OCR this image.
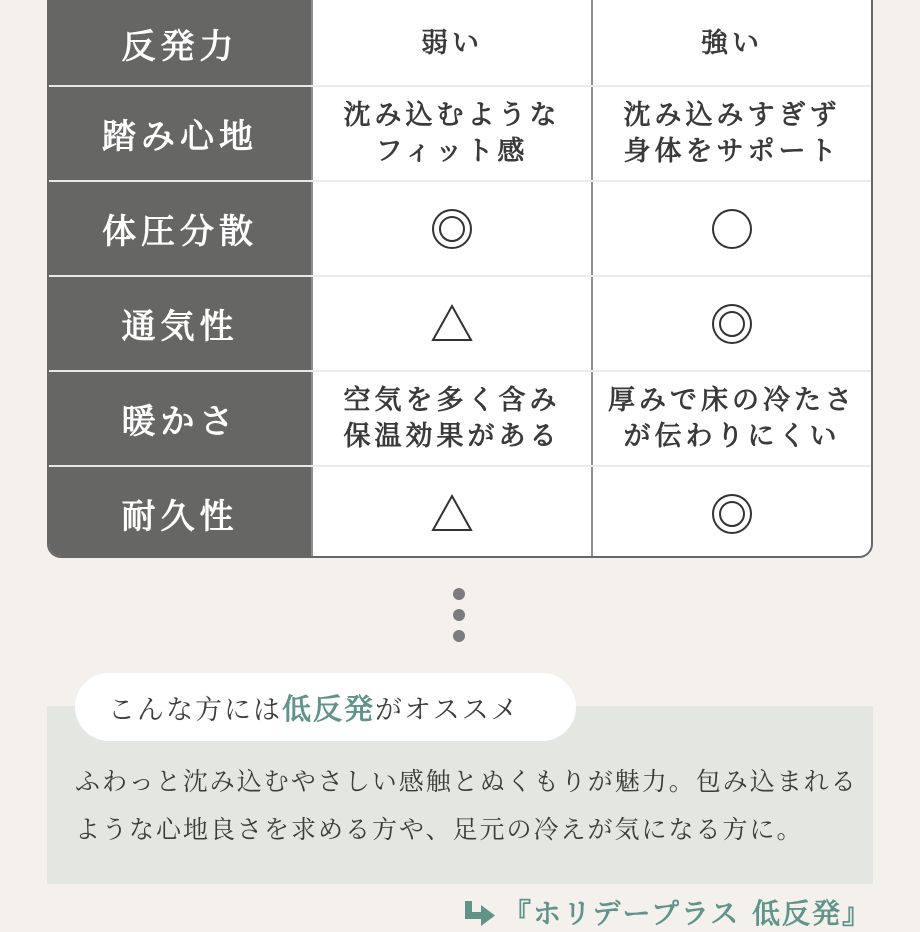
反発力	弱い	強い
踏み心地
沈み込むような
フィット感
沈み込みすぎず
身体をサポート
体圧分散
通気性
暖かさ
空気を多く含み
保温効果がある
厚みで床の冷たさ
が伝わりにくい
耐久性
こんな方には 低反発 がオススメ
ふわっと沈み込むやさしい感触とぬくもりが魅力。包み込まれるような心地良さを求める方や、足元の冷えが気になる方に。
『ホリデープラス 低反発』
